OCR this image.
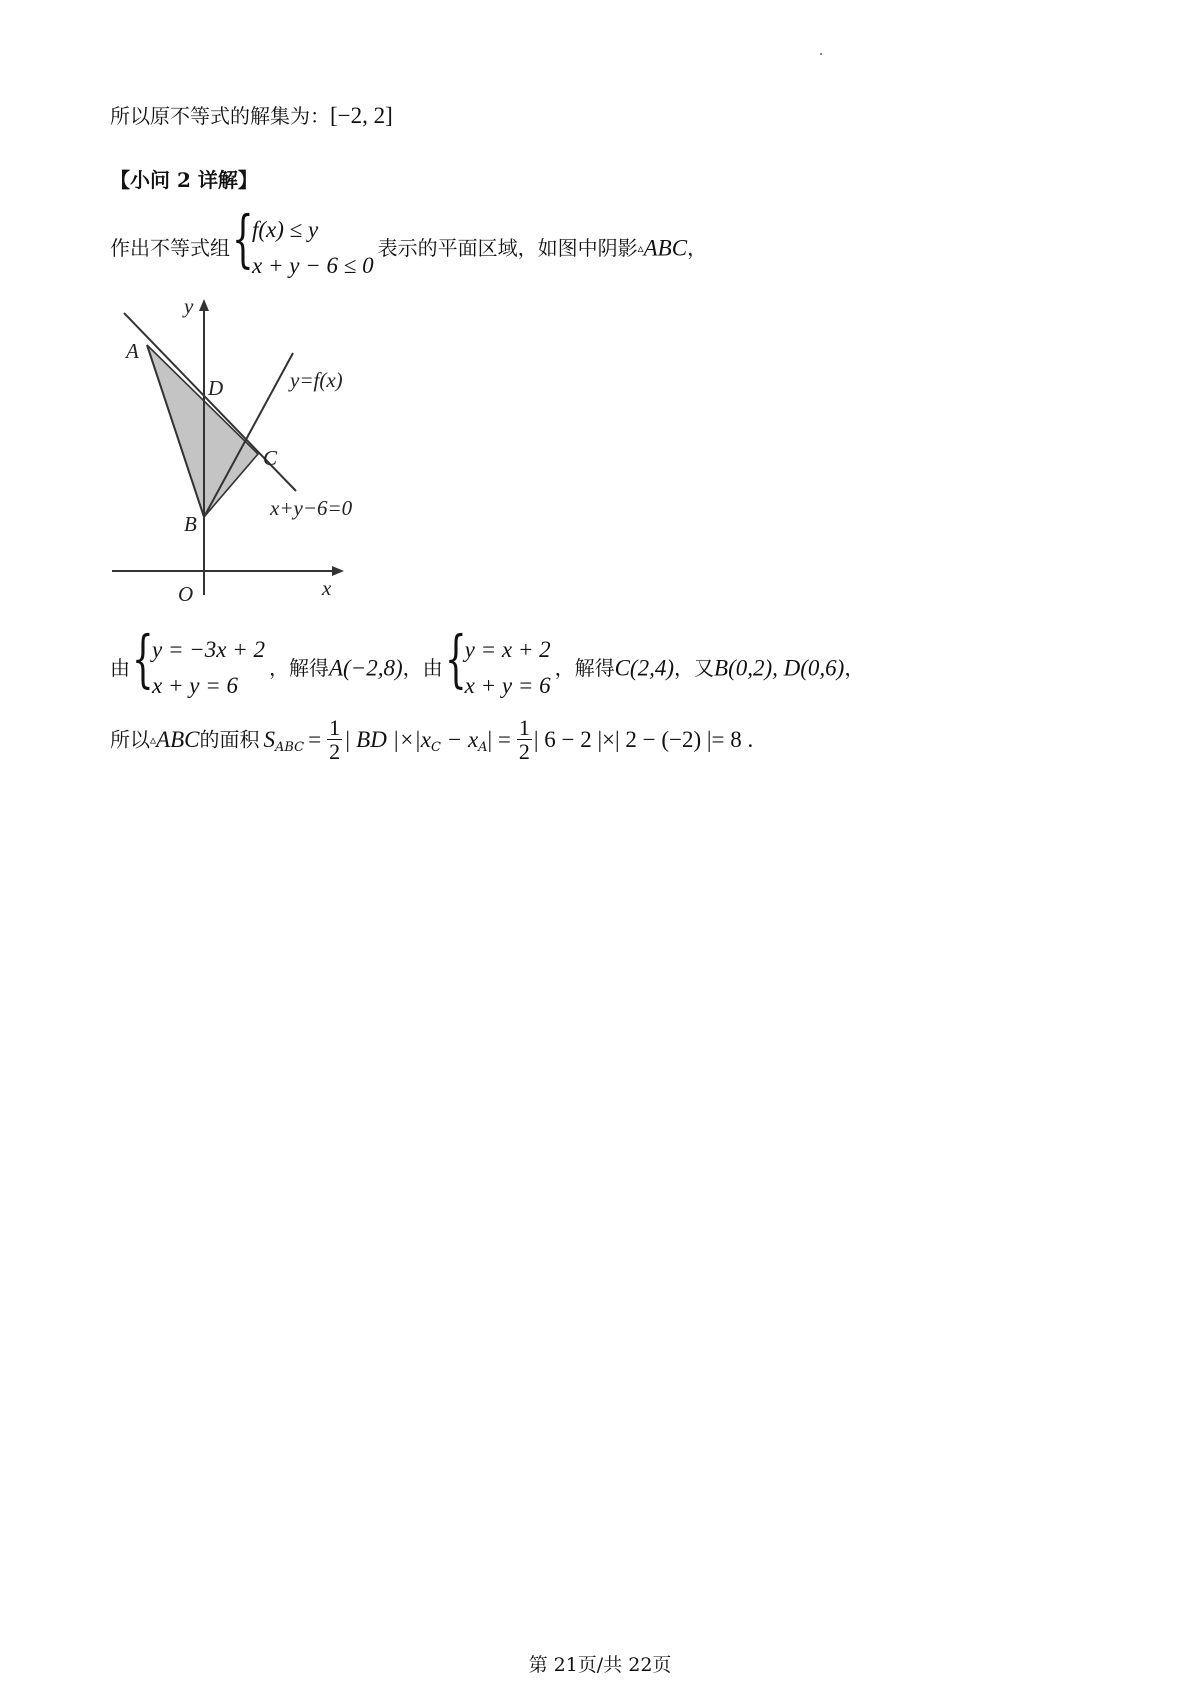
所以原不等式的解集为：[−2, 2]
【小问 2 详解】
作出不等式组 {
f(x) ≤ y
x + y − 6 ≤ 0
表示的平面区域，如图中阴影▵ABC，
y
x
O
A
B
C
D	y=f(x)
x+y−6=0
由 {
y = −3x + 2
x + y = 6
，解得A(−2,8)，由 {
y = x + 2
x + y = 6
，解得C(2,4)，又B(0,2), D(0,6)，
所以▵ABC的面积 $S_{ABC} = \frac{1}{2}$ | BD $|\times|x_C - x_A| = \frac{1}{2}$ | 6 − 2 |×| 2 − (−2) |= 8 .
第 21页/共 22页
